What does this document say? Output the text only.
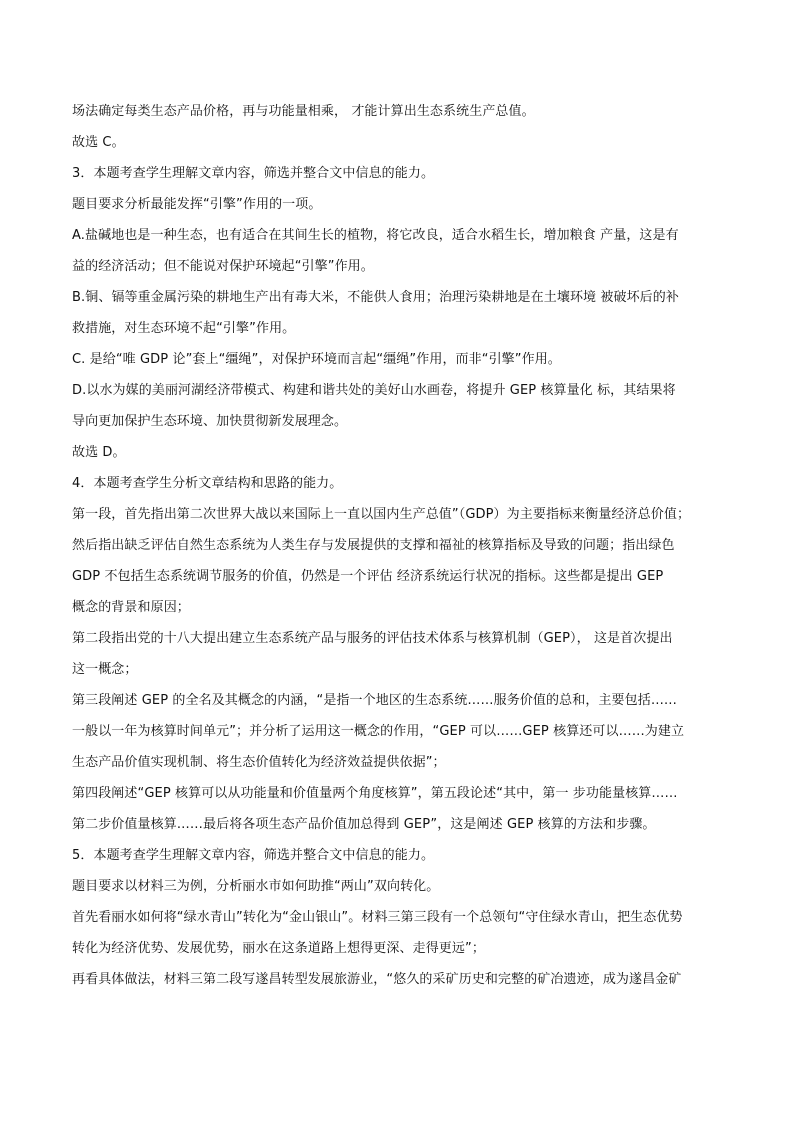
场法确定每类生态产品价格，再与功能量相乘， 才能计算出生态系统生产总值。
故选 C。
3．本题考查学生理解文章内容，筛选并整合文中信息的能力。
题目要求分析最能发挥“引擎”作用的一项。
A.盐碱地也是一种生态，也有适合在其间生长的植物，将它改良，适合水稻生长，增加粮食 产量，这是有
益的经济活动；但不能说对保护环境起“引擎”作用。
B.铜、镉等重金属污染的耕地生产出有毒大米，不能供人食用；治理污染耕地是在土壤环境 被破坏后的补
救措施，对生态环境不起“引擎”作用。
C. 是给“唯 GDP 论”套上“缰绳”，对保护环境而言起“缰绳”作用，而非“引擎”作用。
D.以水为媒的美丽河湖经济带模式、构建和谐共处的美好山水画卷，将提升 GEP 核算量化 标，其结果将
导向更加保护生态环境、加快贯彻新发展理念。
故选 D。
4．本题考查学生分析文章结构和思路的能力。
第一段，首先指出第二次世界大战以来国际上一直以国内生产总值”（GDP）为主要指标来衡量经济总价值；
然后指出缺乏评估自然生态系统为人类生存与发展提供的支撑和福祉的核算指标及导致的问题；指出绿色
GDP 不包括生态系统调节服务的价值，仍然是一个评估 经济系统运行状况的指标。这些都是提出 GEP
概念的背景和原因；
第二段指出党的十八大提出建立生态系统产品与服务的评估技术体系与核算机制（GEP）， 这是首次提出
这一概念；
第三段阐述 GEP 的全名及其概念的内涵，“是指一个地区的生态系统……服务价值的总和，主要包括……
一般以一年为核算时间单元”；并分析了运用这一概念的作用，“GEP 可以……GEP 核算还可以……为建立
生态产品价值实现机制、将生态价值转化为经济效益提供依据”；
第四段阐述“GEP 核算可以从功能量和价值量两个角度核算”，第五段论述“其中，第一 步功能量核算……
第二步价值量核算……最后将各项生态产品价值加总得到 GEP”，这是阐述 GEP 核算的方法和步骤。
5．本题考查学生理解文章内容，筛选并整合文中信息的能力。
题目要求以材料三为例，分析丽水市如何助推“两山”双向转化。
首先看丽水如何将“绿水青山”转化为“金山银山”。材料三第三段有一个总领句“守住绿水青山，把生态优势
转化为经济优势、发展优势，丽水在这条道路上想得更深、走得更远”；
再看具体做法，材料三第二段写遂昌转型发展旅游业，“悠久的采矿历史和完整的矿冶遗迹，成为遂昌金矿
